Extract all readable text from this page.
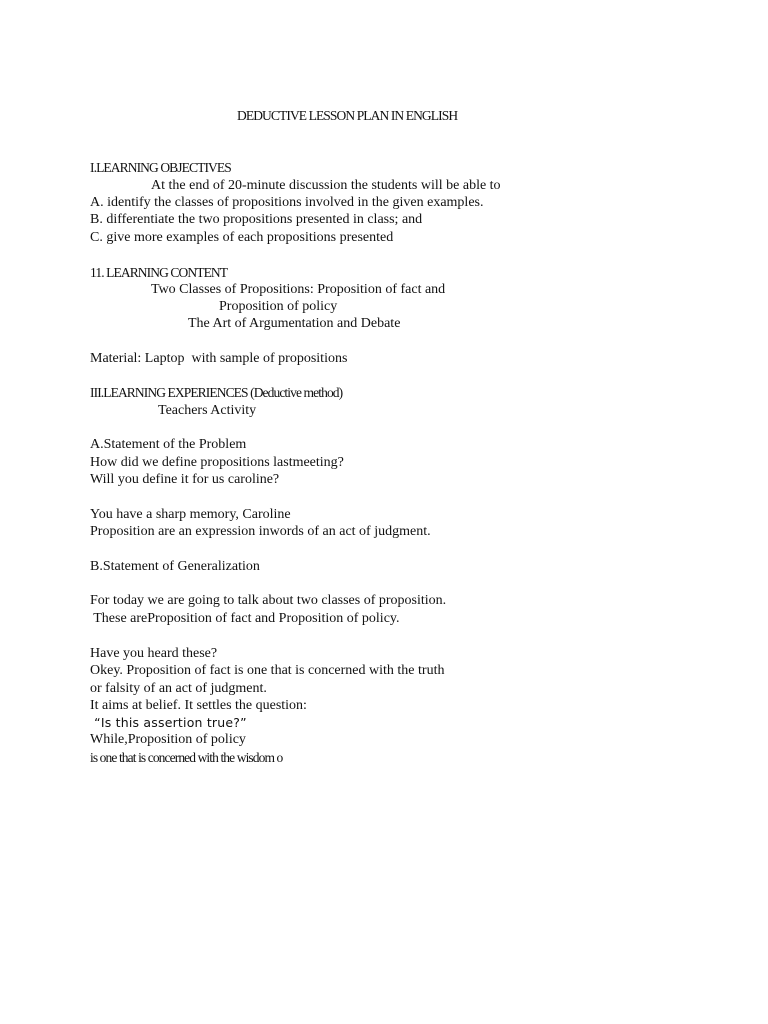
DEDUCTIVE LESSON PLAN IN ENGLISH
I.LEARNING OBJECTIVES
At the end of 20-minute discussion the students will be able to
A. identify the classes of propositions involved in the given examples.
B. differentiate the two propositions presented in class; and
C. give more examples of each propositions presented
11. LEARNING CONTENT
Two Classes of Propositions: Proposition of fact and
Proposition of policy
The Art of Argumentation and Debate
Material: Laptop  with sample of propositions
III.LEARNING EXPERIENCES (Deductive method)
Teachers Activity
A.Statement of the Problem
How did we define propositions lastmeeting?
Will you define it for us caroline?
You have a sharp memory, Caroline
Proposition are an expression inwords of an act of judgment.
B.Statement of Generalization
For today we are going to talk about two classes of proposition.
These areProposition of fact and Proposition of policy.
Have you heard these?
Okey. Proposition of fact is one that is concerned with the truth
or falsity of an act of judgment.
It aims at belief. It settles the question:
“Is this assertion true?”
While,Proposition of policy
is one that is concerned with the wisdom o
